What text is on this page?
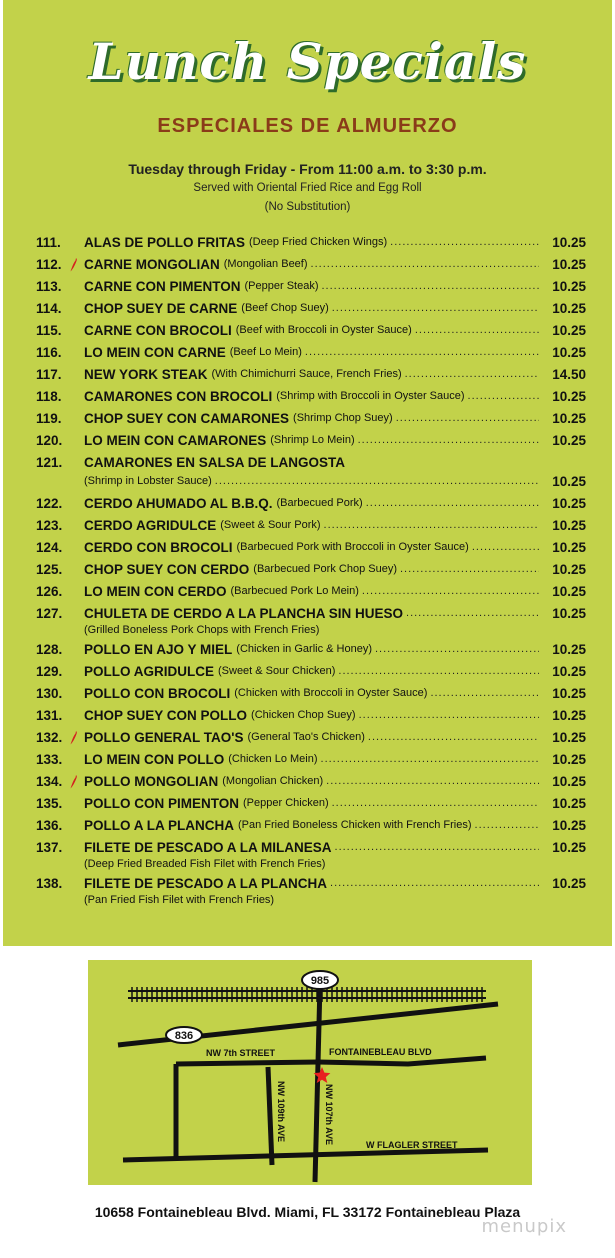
Lunch Specials
ESPECIALES DE ALMUERZO
Tuesday through Friday - From 11:00 a.m. to 3:30 p.m.
Served with Oriental Fried Rice and Egg Roll
(No Substitution)
111.	ALAS DE POLLO FRITAS (Deep Fried Chicken Wings) .....	10.25
112.	CARNE MONGOLIAN (Mongolian Beef) .....	10.25
113.	CARNE CON PIMENTON (Pepper Steak) .....	10.25
114.	CHOP SUEY DE CARNE (Beef Chop Suey) .....	10.25
115.	CARNE CON BROCOLI (Beef with Broccoli in Oyster Sauce) .....	10.25
116.	LO MEIN CON CARNE (Beef Lo Mein) .....	10.25
117.	NEW YORK STEAK (With Chimichurri Sauce, French Fries) .....	14.50
118.	CAMARONES CON BROCOLI (Shrimp with Broccoli in Oyster Sauce) .....	10.25
119.	CHOP SUEY CON CAMARONES (Shrimp Chop Suey) .....	10.25
120.	LO MEIN CON CAMARONES (Shrimp Lo Mein) .....	10.25
121.	CAMARONES EN SALSA DE LANGOSTA
(Shrimp in Lobster Sauce) .....	10.25
122.	CERDO AHUMADO AL B.B.Q. (Barbecued Pork) .....	10.25
123.	CERDO AGRIDULCE (Sweet & Sour Pork) .....	10.25
124.	CERDO CON BROCOLI (Barbecued Pork with Broccoli in Oyster Sauce) .....	10.25
125.	CHOP SUEY CON CERDO (Barbecued Pork Chop Suey) .....	10.25
126.	LO MEIN CON CERDO (Barbecued Pork Lo Mein) .....	10.25
127.	CHULETA DE CERDO A LA PLANCHA SIN HUESO .....	10.25
(Grilled Boneless Pork Chops with French Fries)
128.	POLLO EN AJO Y MIEL (Chicken in Garlic & Honey) .....	10.25
129.	POLLO AGRIDULCE (Sweet & Sour Chicken) .....	10.25
130.	POLLO CON BROCOLI (Chicken with Broccoli in Oyster Sauce) .....	10.25
131.	CHOP SUEY CON POLLO (Chicken Chop Suey) .....	10.25
132.	POLLO GENERAL TAO'S (General Tao's Chicken) .....	10.25
133.	LO MEIN CON POLLO (Chicken Lo Mein) .....	10.25
134.	POLLO MONGOLIAN (Mongolian Chicken) .....	10.25
135.	POLLO CON PIMENTON (Pepper Chicken) .....	10.25
136.	POLLO A LA PLANCHA (Pan Fried Boneless Chicken with French Fries) .....	10.25
137.	FILETE DE PESCADO A LA MILANESA .....	10.25
(Deep Fried Breaded Fish Filet with French Fries)
138.	FILETE DE PESCADO A LA PLANCHA .....	10.25
(Pan Fried Fish Filet with French Fries)
985
836
NW 7th STREET	FONTAINEBLEAU BLVD
NW 109th AVE	NW 107th AVE	W FLAGLER STREET
10658 Fontainebleau Blvd. Miami, FL 33172 Fontainebleau Plaza
menupix
